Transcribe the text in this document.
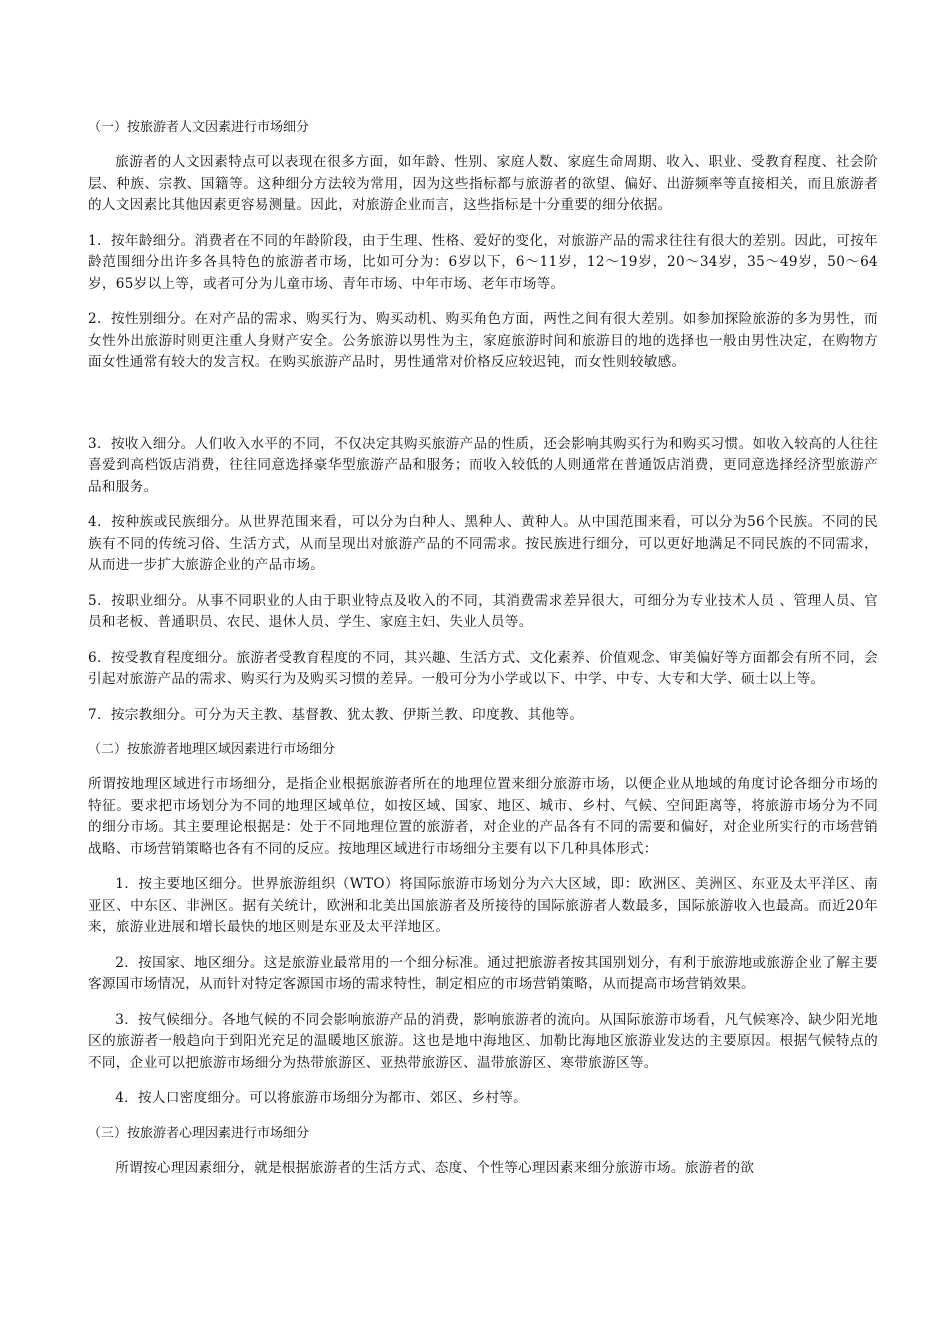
（一）按旅游者人文因素进行市场细分

旅游者的人文因素特点可以表现在很多方面，如年龄、性别、家庭人数、家庭生命周期、收入、职业、受教育程度、社会阶层、种族、宗教、国籍等。这种细分方法较为常用，因为这些指标都与旅游者的欲望、偏好、出游频率等直接相关，而且旅游者的人文因素比其他因素更容易测量。因此，对旅游企业而言，这些指标是十分重要的细分依据。

1．按年龄细分。消费者在不同的年龄阶段，由于生理、性格、爱好的变化，对旅游产品的需求往往有很大的差别。因此，可按年龄范围细分出许多各具特色的旅游者市场，比如可分为：6岁以下，6～11岁，12～19岁，20～34岁，35～49岁，50～64岁，65岁以上等，或者可分为儿童市场、青年市场、中年市场、老年市场等。

2．按性别细分。在对产品的需求、购买行为、购买动机、购买角色方面，两性之间有很大差别。如参加探险旅游的多为男性，而女性外出旅游时则更注重人身财产安全。公务旅游以男性为主，家庭旅游时间和旅游目的地的选择也一般由男性决定，在购物方面女性通常有较大的发言权。在购买旅游产品时，男性通常对价格反应较迟钝，而女性则较敏感。

3．按收入细分。人们收入水平的不同，不仅决定其购买旅游产品的性质，还会影响其购买行为和购买习惯。如收入较高的人往往喜爱到高档饭店消费，往往同意选择豪华型旅游产品和服务；而收入较低的人则通常在普通饭店消费，更同意选择经济型旅游产品和服务。

4．按种族或民族细分。从世界范围来看，可以分为白种人、黑种人、黄种人。从中国范围来看，可以分为56个民族。不同的民族有不同的传统习俗、生活方式，从而呈现出对旅游产品的不同需求。按民族进行细分，可以更好地满足不同民族的不同需求，从而进一步扩大旅游企业的产品市场。

5．按职业细分。从事不同职业的人由于职业特点及收入的不同，其消费需求差异很大，可细分为专业技术人员 、管理人员、官员和老板、普通职员、农民、退休人员、学生、家庭主妇、失业人员等。

6．按受教育程度细分。旅游者受教育程度的不同，其兴趣、生活方式、文化素养、价值观念、审美偏好等方面都会有所不同，会引起对旅游产品的需求、购买行为及购买习惯的差异。一般可分为小学或以下、中学、中专、大专和大学、硕士以上等。

7．按宗教细分。可分为天主教、基督教、犹太教、伊斯兰教、印度教、其他等。

（二）按旅游者地理区域因素进行市场细分

所谓按地理区域进行市场细分，是指企业根据旅游者所在的地理位置来细分旅游市场，以便企业从地域的角度讨论各细分市场的特征。要求把市场划分为不同的地理区域单位，如按区域、国家、地区、城市、乡村、气候、空间距离等，将旅游市场分为不同的细分市场。其主要理论根据是：处于不同地理位置的旅游者，对企业的产品各有不同的需要和偏好，对企业所实行的市场营销战略、市场营销策略也各有不同的反应。按地理区域进行市场细分主要有以下几种具体形式：

1．按主要地区细分。世界旅游组织（WTO）将国际旅游市场划分为六大区域，即：欧洲区、美洲区、东亚及太平洋区、南亚区、中东区、非洲区。据有关统计，欧洲和北美出国旅游者及所接待的国际旅游者人数最多，国际旅游收入也最高。而近20年来，旅游业进展和增长最快的地区则是东亚及太平洋地区。

2．按国家、地区细分。这是旅游业最常用的一个细分标准。通过把旅游者按其国别划分，有利于旅游地或旅游企业了解主要客源国市场情况，从而针对特定客源国市场的需求特性，制定相应的市场营销策略，从而提高市场营销效果。

3．按气候细分。各地气候的不同会影响旅游产品的消费，影响旅游者的流向。从国际旅游市场看，凡气候寒冷、缺少阳光地区的旅游者一般趋向于到阳光充足的温暖地区旅游。这也是地中海地区、加勒比海地区旅游业发达的主要原因。根据气候特点的不同，企业可以把旅游市场细分为热带旅游区、亚热带旅游区、温带旅游区、寒带旅游区等。

4．按人口密度细分。可以将旅游市场细分为都市、郊区、乡村等。

（三）按旅游者心理因素进行市场细分

所谓按心理因素细分，就是根据旅游者的生活方式、态度、个性等心理因素来细分旅游市场。旅游者的欲
